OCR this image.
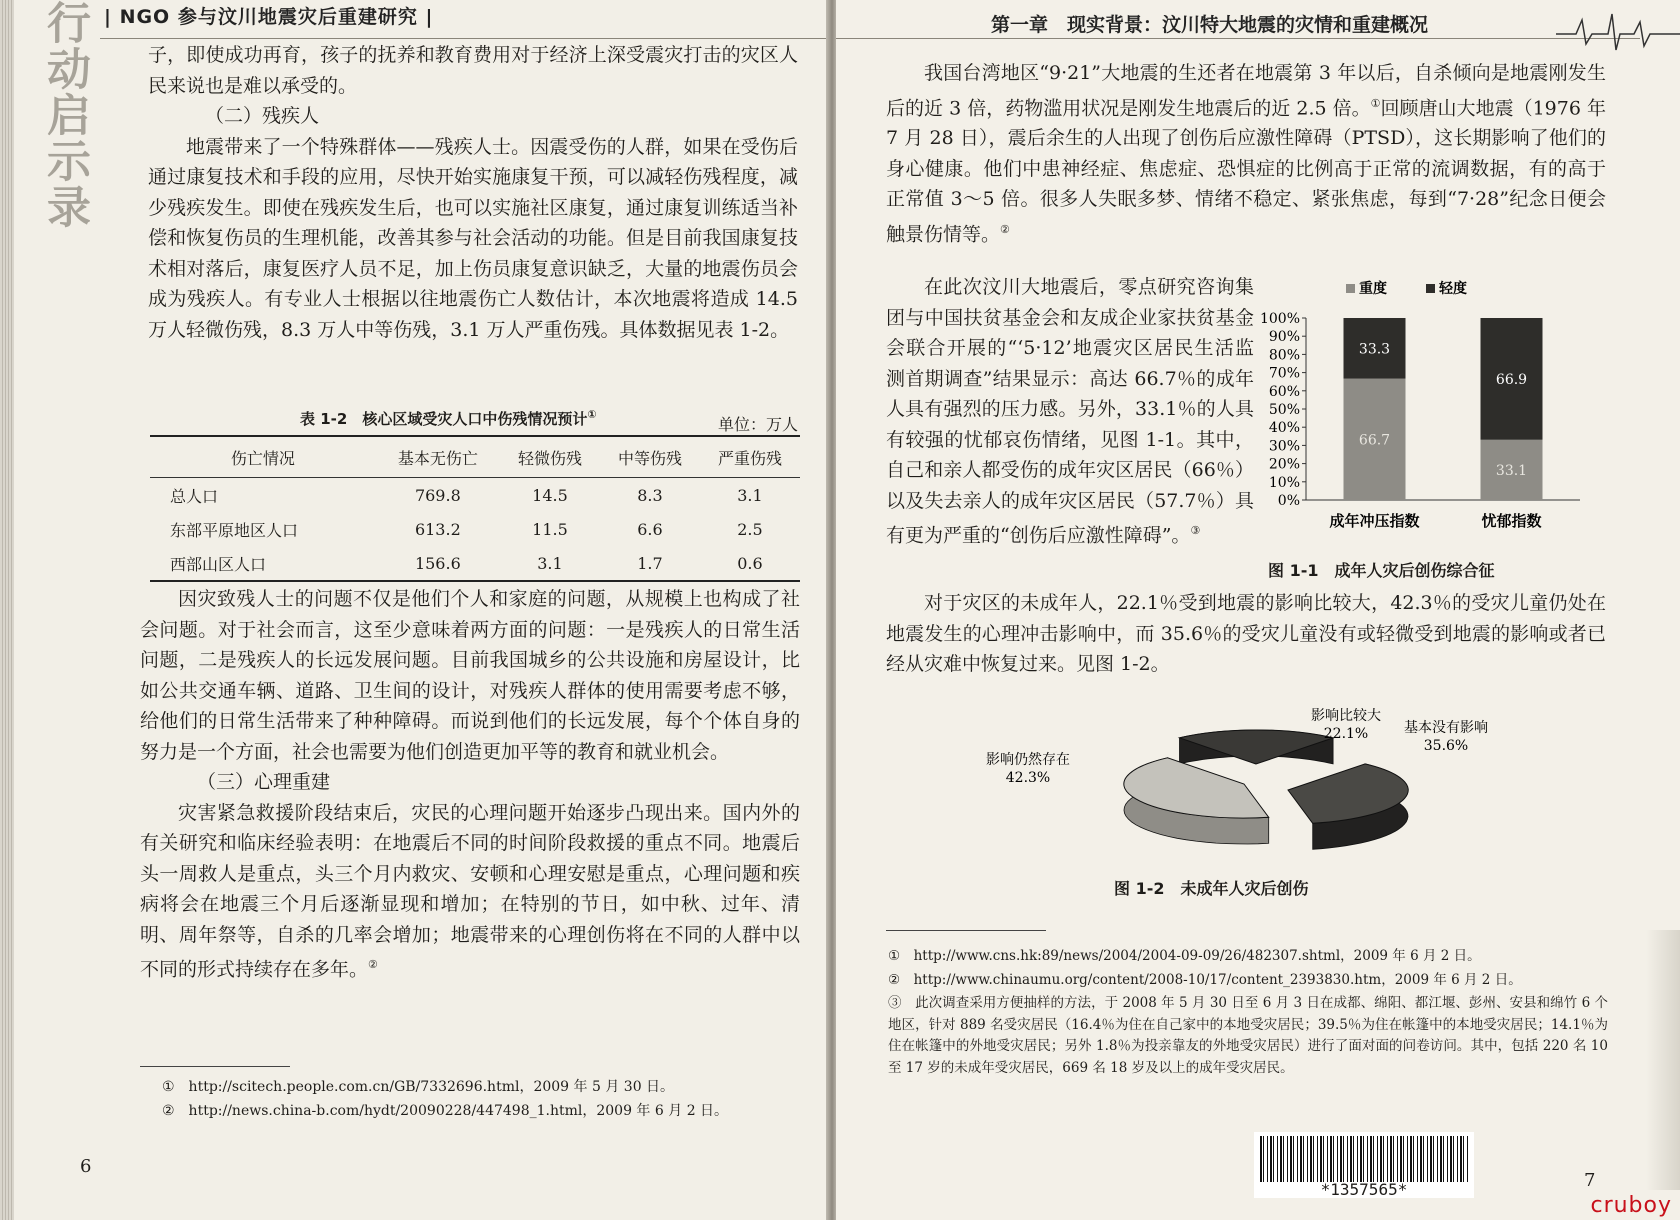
行动启示录 | NGO 参与汶川地震灾后重建研究 |

子，即使成功再育，孩子的抚养和教育费用对于经济上深受震灾打击的灾区人民来说也是难以承受的。

（二）残疾人

地震带来了一个特殊群体——残疾人士。因震受伤的人群，如果在受伤后通过康复技术和手段的应用，尽快开始实施康复干预，可以减轻伤残程度，减少残疾发生。即使在残疾发生后，也可以实施社区康复，通过康复训练适当补偿和恢复伤员的生理机能，改善其参与社会活动的功能。但是目前我国康复技术相对落后，康复医疗人员不足，加上伤员康复意识缺乏，大量的地震伤员会成为残疾人。有专业人士根据以往地震伤亡人数估计，本次地震将造成 14.5 万人轻微伤残，8.3 万人中等伤残，3.1 万人严重伤残。具体数据见表 1-2。

表 1-2　核心区域受灾人口中伤残情况预计①
单位：万人
伤亡情况	基本无伤亡	轻微伤残	中等伤残	严重伤残
总人口	769.8	14.5	8.3	3.1
东部平原地区人口	613.2	11.5	6.6	2.5
西部山区人口	156.6	3.1	1.7	0.6

因灾致残人士的问题不仅是他们个人和家庭的问题，从规模上也构成了社会问题。对于社会而言，这至少意味着两方面的问题：一是残疾人的日常生活问题，二是残疾人的长远发展问题。目前我国城乡的公共设施和房屋设计，比如公共交通车辆、道路、卫生间的设计，对残疾人群体的使用需要考虑不够，给他们的日常生活带来了种种障碍。而说到他们的长远发展，每个个体自身的努力是一个方面，社会也需要为他们创造更加平等的教育和就业机会。

（三）心理重建

灾害紧急救援阶段结束后，灾民的心理问题开始逐步凸现出来。国内外的有关研究和临床经验表明：在地震后不同的时间阶段救援的重点不同。地震后头一周救人是重点，头三个月内救灾、安顿和心理安慰是重点，心理问题和疾病将会在地震三个月后逐渐显现和增加；在特别的节日，如中秋、过年、清明、周年祭等，自杀的几率会增加；地震带来的心理创伤将在不同的人群中以不同的形式持续存在多年。②

①　http://scitech.people.com.cn/GB/7332696.html，2009 年 5 月 30 日。

②　http://news.china-b.com/hydt/20090228/447498_1.html，2009 年 6 月 2 日。

6
第一章　现实背景：汶川特大地震的灾情和重建概况

我国台湾地区“9·21”大地震的生还者在地震第 3 年以后，自杀倾向是地震刚发生后的近 3 倍，药物滥用状况是刚发生地震后的近 2.5 倍。①回顾唐山大地震（1976 年 7 月 28 日），震后余生的人出现了创伤后应激性障碍（PTSD），这长期影响了他们的身心健康。他们中患神经症、焦虑症、恐惧症的比例高于正常的流调数据，有的高于正常值 3～5 倍。很多人失眠多梦、情绪不稳定、紧张焦虑，每到“7·28”纪念日便会触景伤情等。②

在此次汶川大地震后，零点研究咨询集团与中国扶贫基金会和友成企业家扶贫基金会联合开展的“‘5·12’地震灾区居民生活监测首期调查”结果显示：高达 66.7％的成年人具有强烈的压力感。另外，33.1％的人具有较强的忧郁哀伤情绪，见图 1-1。其中，自己和亲人都受伤的成年灾区居民（66％）以及失去亲人的成年灾区居民（57.7％）具有更为严重的“创伤后应激性障碍”。③

重度	轻度
0%
10%
20%
30%
40%
50%
60%
70%
80%
90%
100%
66.7
33.3
成年冲压指数
33.1
66.9
忧郁指数
图 1-1　成年人灾后创伤综合征

对于灾区的未成年人，22.1％受到地震的影响比较大，42.3％的受灾儿童仍处在地震发生的心理冲击影响中，而 35.6％的受灾儿童没有或轻微受到地震的影响或者已经从灾难中恢复过来。见图 1-2。

影响比较大 22.1%	基本没有影响 35.6%
影响仍然存在 42.3%
图 1-2　未成年人灾后创伤

①　http://www.cns.hk:89/news/2004/2004-09-09/26/482307.shtml，2009 年 6 月 2 日。

②　http://www.chinaumu.org/content/2008-10/17/content_2393830.htm，2009 年 6 月 2 日。

③　此次调查采用方便抽样的方法，于 2008 年 5 月 30 日至 6 月 3 日在成都、绵阳、都江堰、彭州、安县和绵竹 6 个地区，针对 889 名受灾居民（16.4％为住在自己家中的本地受灾居民；39.5％为住在帐篷中的本地受灾居民；14.1％为住在帐篷中的外地受灾居民；另外 1.8％为投亲靠友的外地受灾居民）进行了面对面的问卷访问。其中，包括 220 名 10 至 17 岁的未成年受灾居民，669 名 18 岁及以上的成年受灾居民。

*1357565*	7
cruboy
